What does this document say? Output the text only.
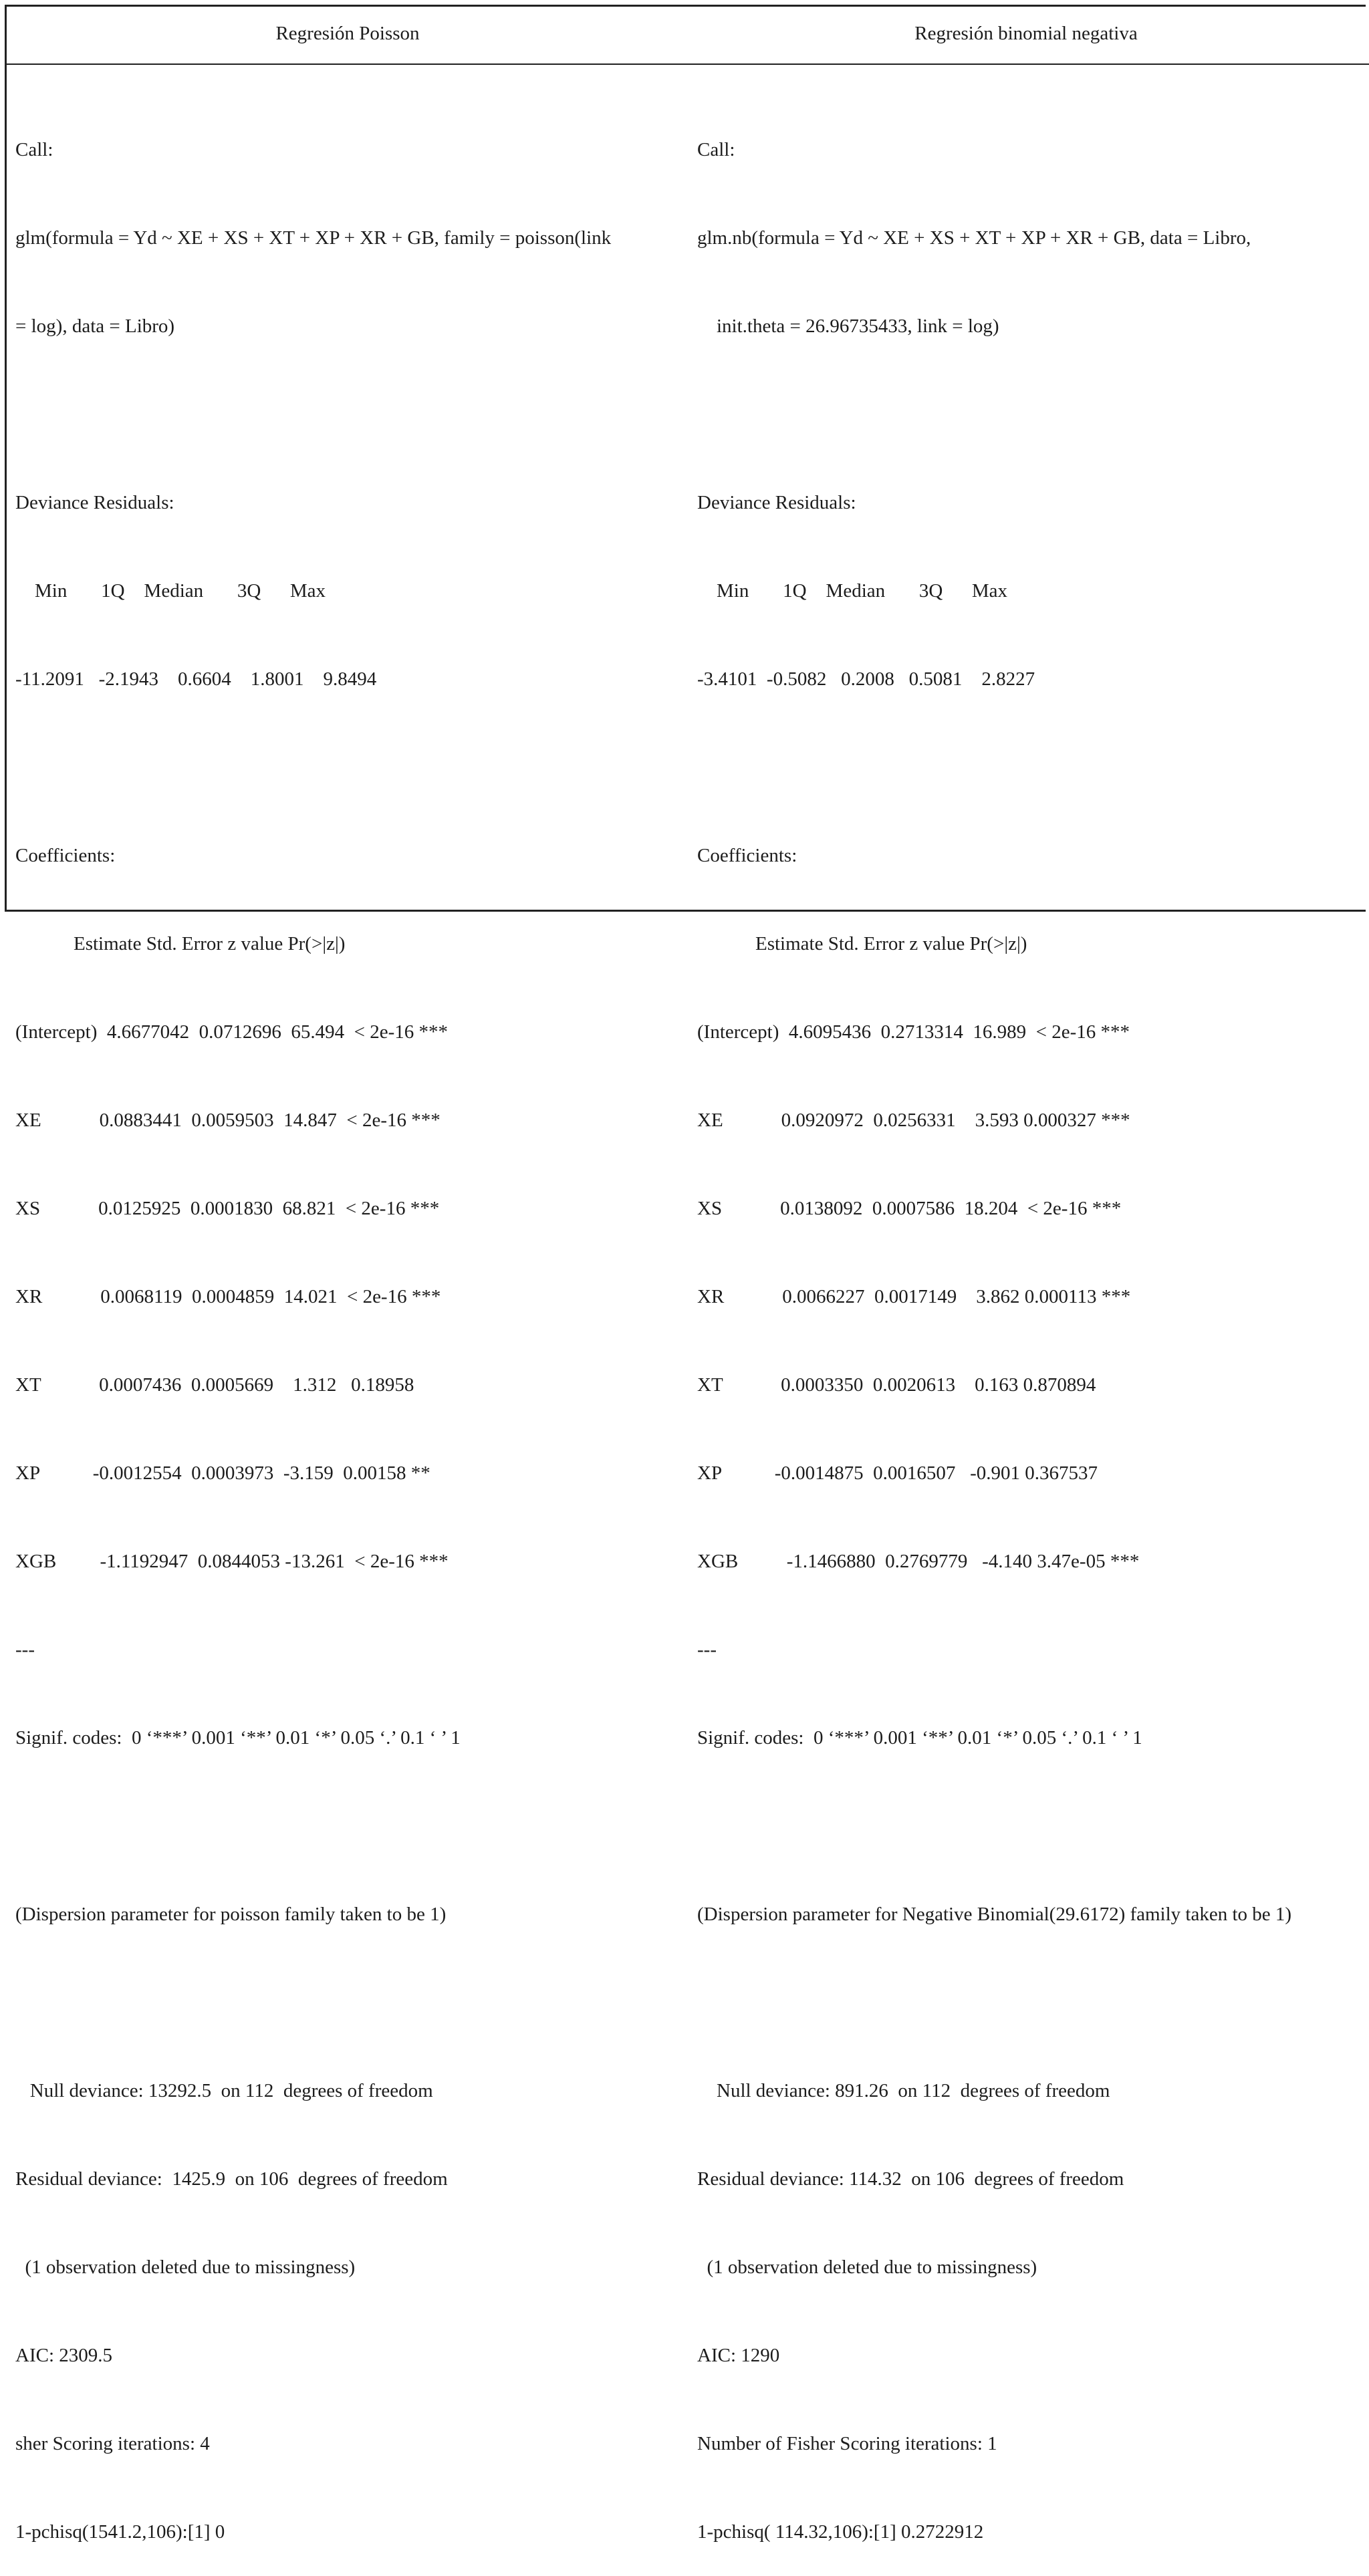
Regresión Poisson	Regresión binomial negativa

Call:

glm(formula = Yd ~ XE + XS + XT + XP + XR + GB, family = poisson(link

= log), data = Libro)

Deviance Residuals:

Min       1Q    Median       3Q      Max

-11.2091   -2.1943    0.6604    1.8001    9.8494

Coefficients:

Estimate Std. Error z value Pr(>|z|)

(Intercept)  4.6677042  0.0712696  65.494  < 2e-16 ***

XE            0.0883441  0.0059503  14.847  < 2e-16 ***

XS            0.0125925  0.0001830  68.821  < 2e-16 ***

XR            0.0068119  0.0004859  14.021  < 2e-16 ***

XT            0.0007436  0.0005669    1.312   0.18958

XP           -0.0012554  0.0003973  -3.159  0.00158 **

XGB         -1.1192947  0.0844053 -13.261  < 2e-16 ***

---

Signif. codes:  0 ‘***’ 0.001 ‘**’ 0.01 ‘*’ 0.05 ‘.’ 0.1 ‘ ’ 1

(Dispersion parameter for poisson family taken to be 1)

Null deviance: 13292.5  on 112  degrees of freedom

Residual deviance:  1425.9  on 106  degrees of freedom

(1 observation deleted due to missingness)

AIC: 2309.5

sher Scoring iterations: 4

1-pchisq(1541.2,106):[1] 0

Call:

glm.nb(formula = Yd ~ XE + XS + XT + XP + XR + GB, data = Libro,

init.theta = 26.96735433, link = log)

Deviance Residuals:

Min       1Q    Median       3Q      Max

-3.4101  -0.5082   0.2008   0.5081    2.8227

Coefficients:

Estimate Std. Error z value Pr(>|z|)

(Intercept)  4.6095436  0.2713314  16.989  < 2e-16 ***

XE            0.0920972  0.0256331    3.593 0.000327 ***

XS            0.0138092  0.0007586  18.204  < 2e-16 ***

XR            0.0066227  0.0017149    3.862 0.000113 ***

XT            0.0003350  0.0020613    0.163 0.870894

XP           -0.0014875  0.0016507   -0.901 0.367537

XGB          -1.1466880  0.2769779   -4.140 3.47e-05 ***

---

Signif. codes:  0 ‘***’ 0.001 ‘**’ 0.01 ‘*’ 0.05 ‘.’ 0.1 ‘ ’ 1

(Dispersion parameter for Negative Binomial(29.6172) family taken to be 1)

Null deviance: 891.26  on 112  degrees of freedom

Residual deviance: 114.32  on 106  degrees of freedom

(1 observation deleted due to missingness)

AIC: 1290

Number of Fisher Scoring iterations: 1

1-pchisq( 114.32,106):[1] 0.2722912
